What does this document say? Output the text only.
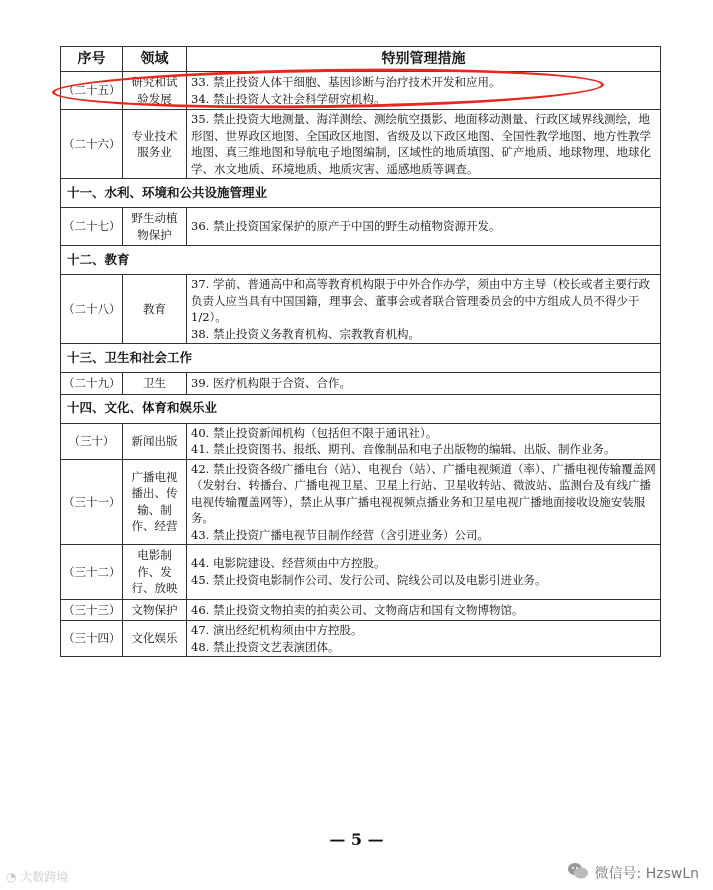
序号	领域	特别管理措施
（二十五）	研究和试验发展	33. 禁止投资人体干细胞、基因诊断与治疗技术开发和应用。
34. 禁止投资人文社会科学研究机构。

（二十六）	专业技术服务业	35. 禁止投资大地测量、海洋测绘、测绘航空摄影、地面移动测量、行政区域界线测绘，地形图、世界政区地图、全国政区地图、省级及以下政区地图、全国性教学地图、地方性教学地图、真三维地图和导航电子地图编制，区域性的地质填图、矿产地质、地球物理、地球化学、水文地质、环境地质、地质灾害、遥感地质等调查。

十一、水利、环境和公共设施管理业		
（二十七）	野生动植物保护	36. 禁止投资国家保护的原产于中国的野生动植物资源开发。

十二、教育		
（二十八）	教育	37. 学前、普通高中和高等教育机构限于中外合作办学，须由中方主导（校长或者主要行政负责人应当具有中国国籍，理事会、董事会或者联合管理委员会的中方组成人员不得少于 1/2）。
38. 禁止投资义务教育机构、宗教教育机构。

十三、卫生和社会工作		
（二十九）	卫生	39. 医疗机构限于合资、合作。

十四、文化、体育和娱乐业		
（三十）	新闻出版	40. 禁止投资新闻机构（包括但不限于通讯社）。
41. 禁止投资图书、报纸、期刊、音像制品和电子出版物的编辑、出版、制作业务。

（三十一）	广播电视播出、传输、制作、经营	42. 禁止投资各级广播电台（站）、电视台（站）、广播电视频道（率）、广播电视传输覆盖网（发射台、转播台、广播电视卫星、卫星上行站、卫星收转站、微波站、监测台及有线广播电视传输覆盖网等），禁止从事广播电视视频点播业务和卫星电视广播地面接收设施安装服务。
43. 禁止投资广播电视节目制作经营（含引进业务）公司。

（三十二）	电影制作、发行、放映	44. 电影院建设、经营须由中方控股。
45. 禁止投资电影制作公司、发行公司、院线公司以及电影引进业务。

（三十三）	文物保护	46. 禁止投资文物拍卖的拍卖公司、文物商店和国有文物博物馆。

（三十四）	文化娱乐	47. 演出经纪机构须由中方控股。
48. 禁止投资文艺表演团体。
— 5 —
◔ 大数跨境	微信号: HzswLn
